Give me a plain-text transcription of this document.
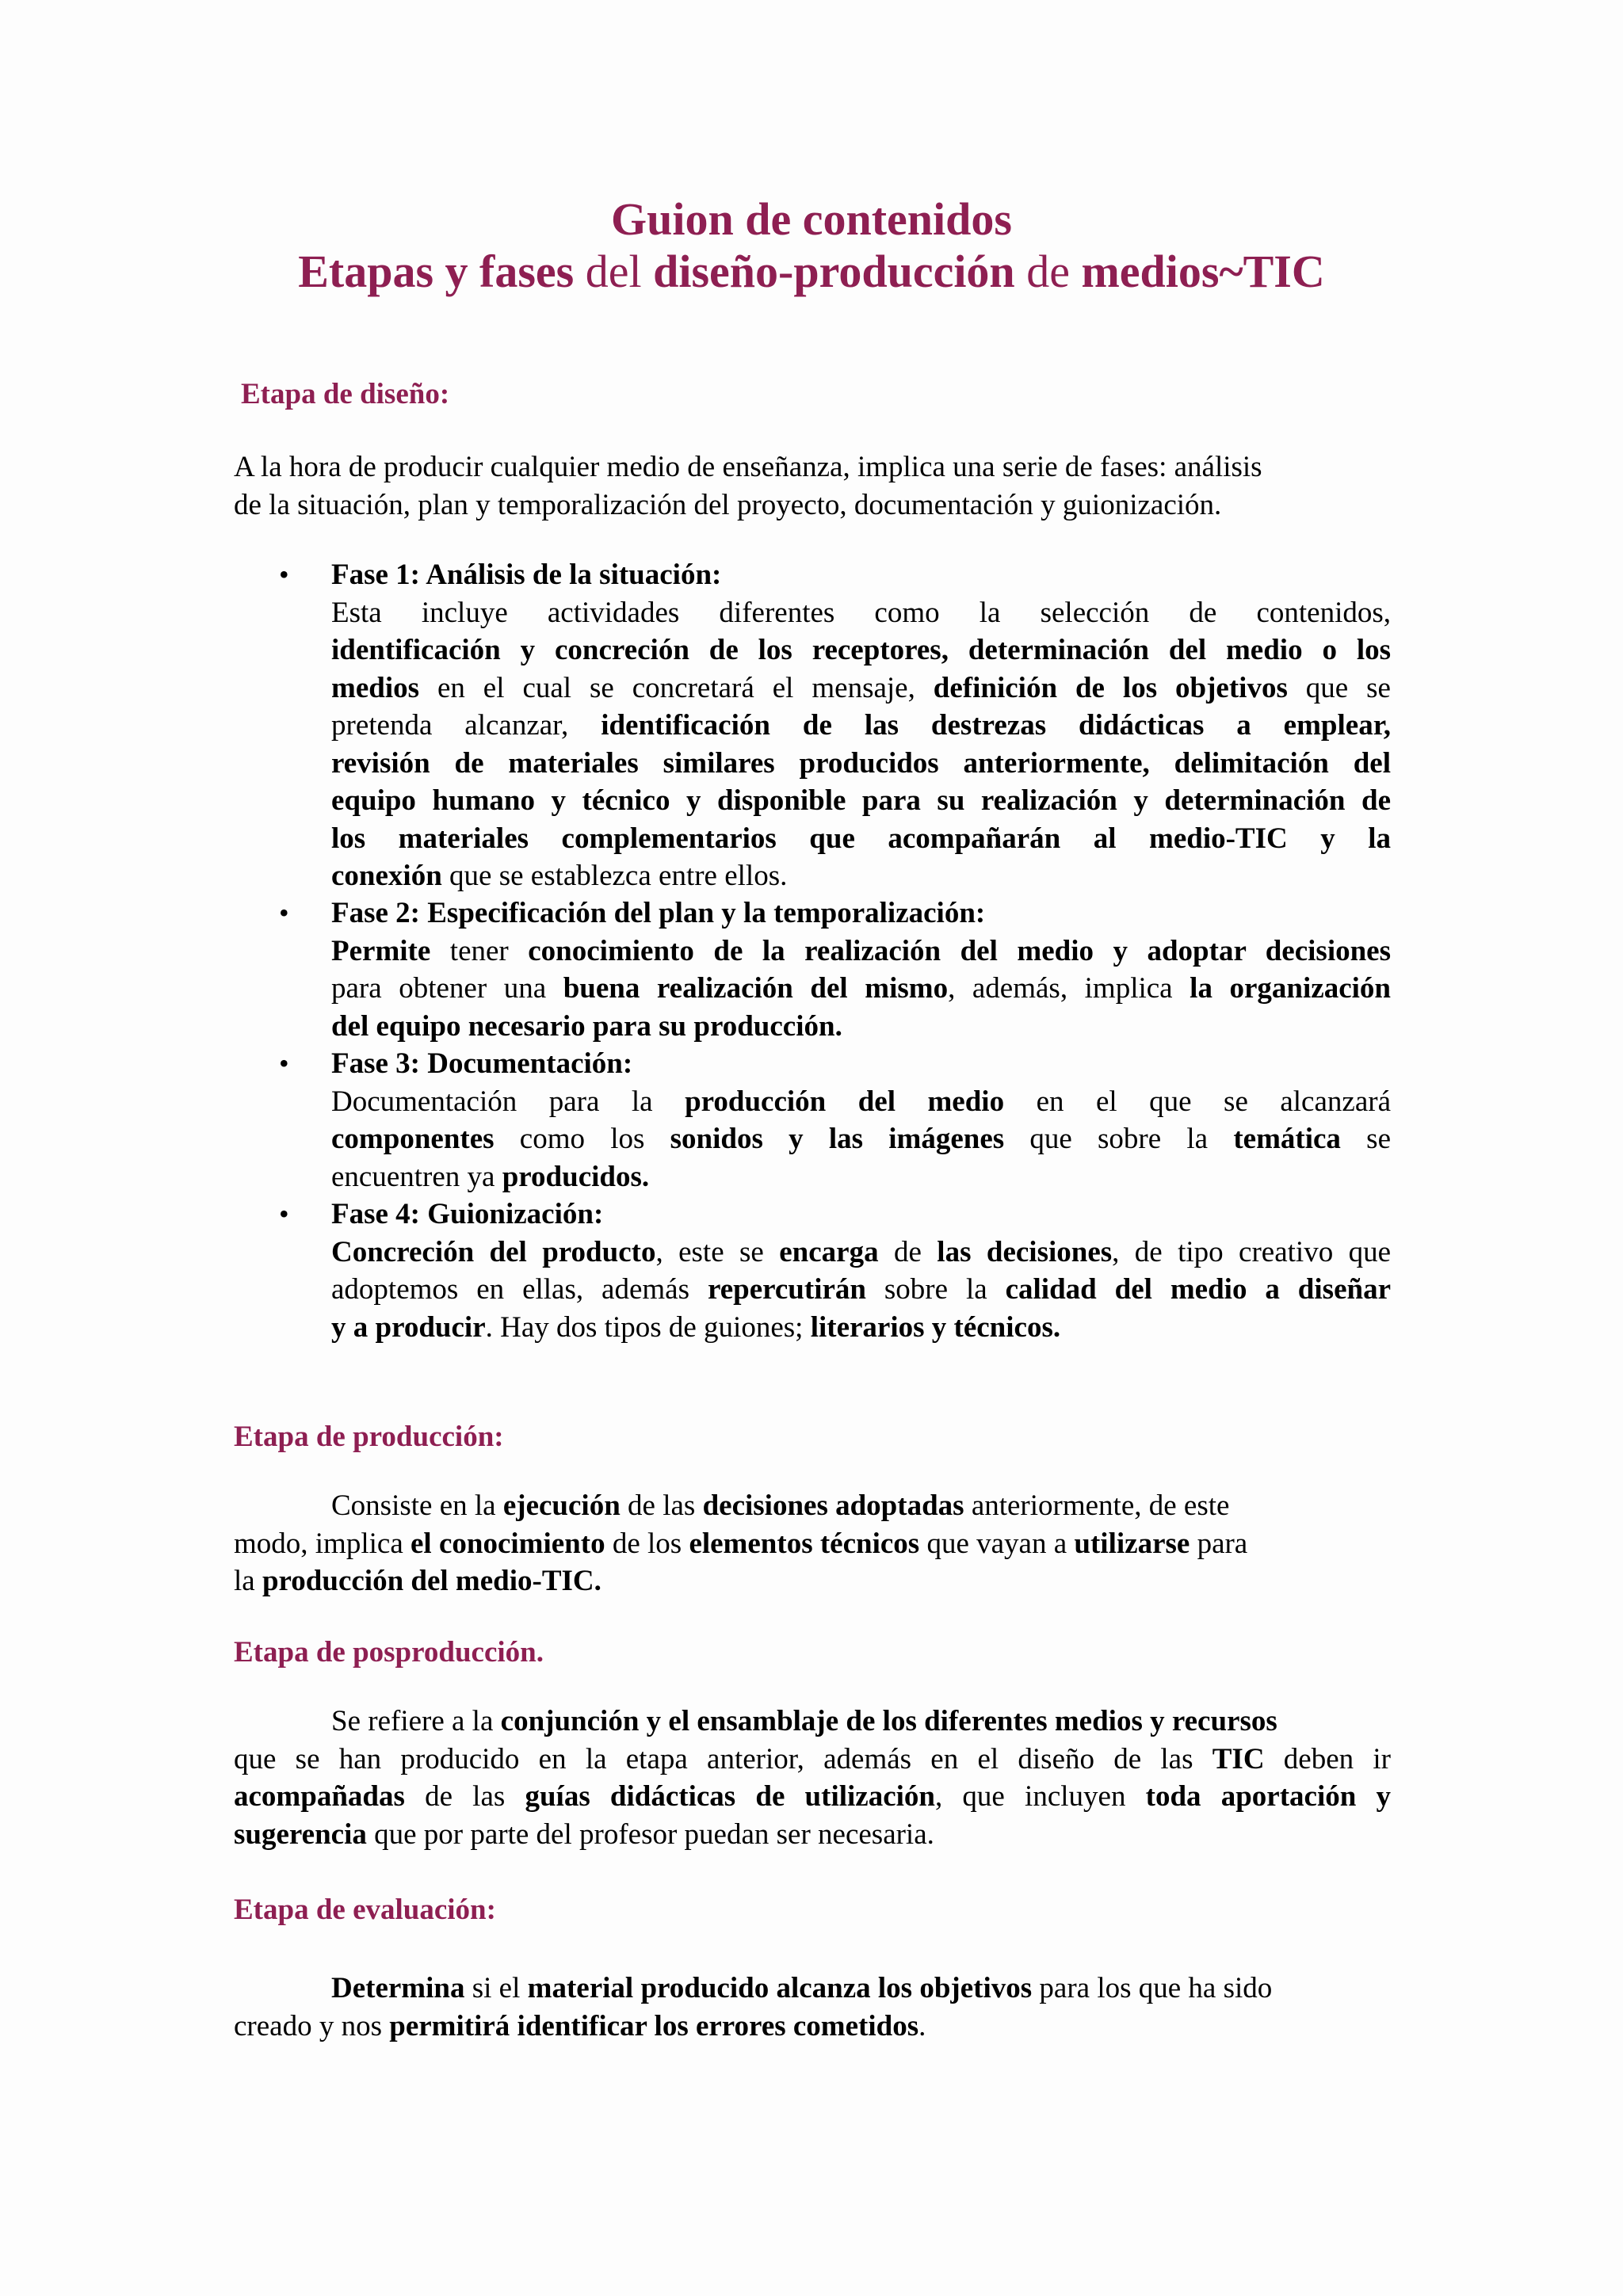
Guion de contenidos
Etapas y fases del diseño-producción de medios~TIC
Etapa de diseño:
A la hora de producir cualquier medio de enseñanza, implica una serie de fases: análisis
de la situación, plan y temporalización del proyecto, documentación y guionización.
• Fase 1: Análisis de la situación:
Esta incluye actividades diferentes como la selección de contenidos,
identificación y concreción de los receptores, determinación del medio o los
medios en el cual se concretará el mensaje, definición de los objetivos que se
pretenda alcanzar, identificación de las destrezas didácticas a emplear,
revisión de materiales similares producidos anteriormente, delimitación del
equipo humano y técnico y disponible para su realización y determinación de
los materiales complementarios que acompañarán al medio-TIC y la
conexión que se establezca entre ellos.
• Fase 2: Especificación del plan y la temporalización:
Permite tener conocimiento de la realización del medio y adoptar decisiones
para obtener una buena realización del mismo, además, implica la organización
del equipo necesario para su producción.
• Fase 3: Documentación:
Documentación para la producción del medio en el que se alcanzará
componentes como los sonidos y las imágenes que sobre la temática se
encuentren ya producidos.
• Fase 4: Guionización:
Concreción del producto, este se encarga de las decisiones, de tipo creativo que
adoptemos en ellas, además repercutirán sobre la calidad del medio a diseñar
y a producir. Hay dos tipos de guiones; literarios y técnicos.
Etapa de producción:
Consiste en la ejecución de las decisiones adoptadas anteriormente, de este
modo, implica el conocimiento de los elementos técnicos que vayan a utilizarse para
la producción del medio-TIC.
Etapa de posproducción.
Se refiere a la conjunción y el ensamblaje de los diferentes medios y recursos
que se han producido en la etapa anterior, además en el diseño de las TIC deben ir
acompañadas de las guías didácticas de utilización, que incluyen toda aportación y
sugerencia que por parte del profesor puedan ser necesaria.
Etapa de evaluación:
Determina si el material producido alcanza los objetivos para los que ha sido
creado y nos permitirá identificar los errores cometidos.
